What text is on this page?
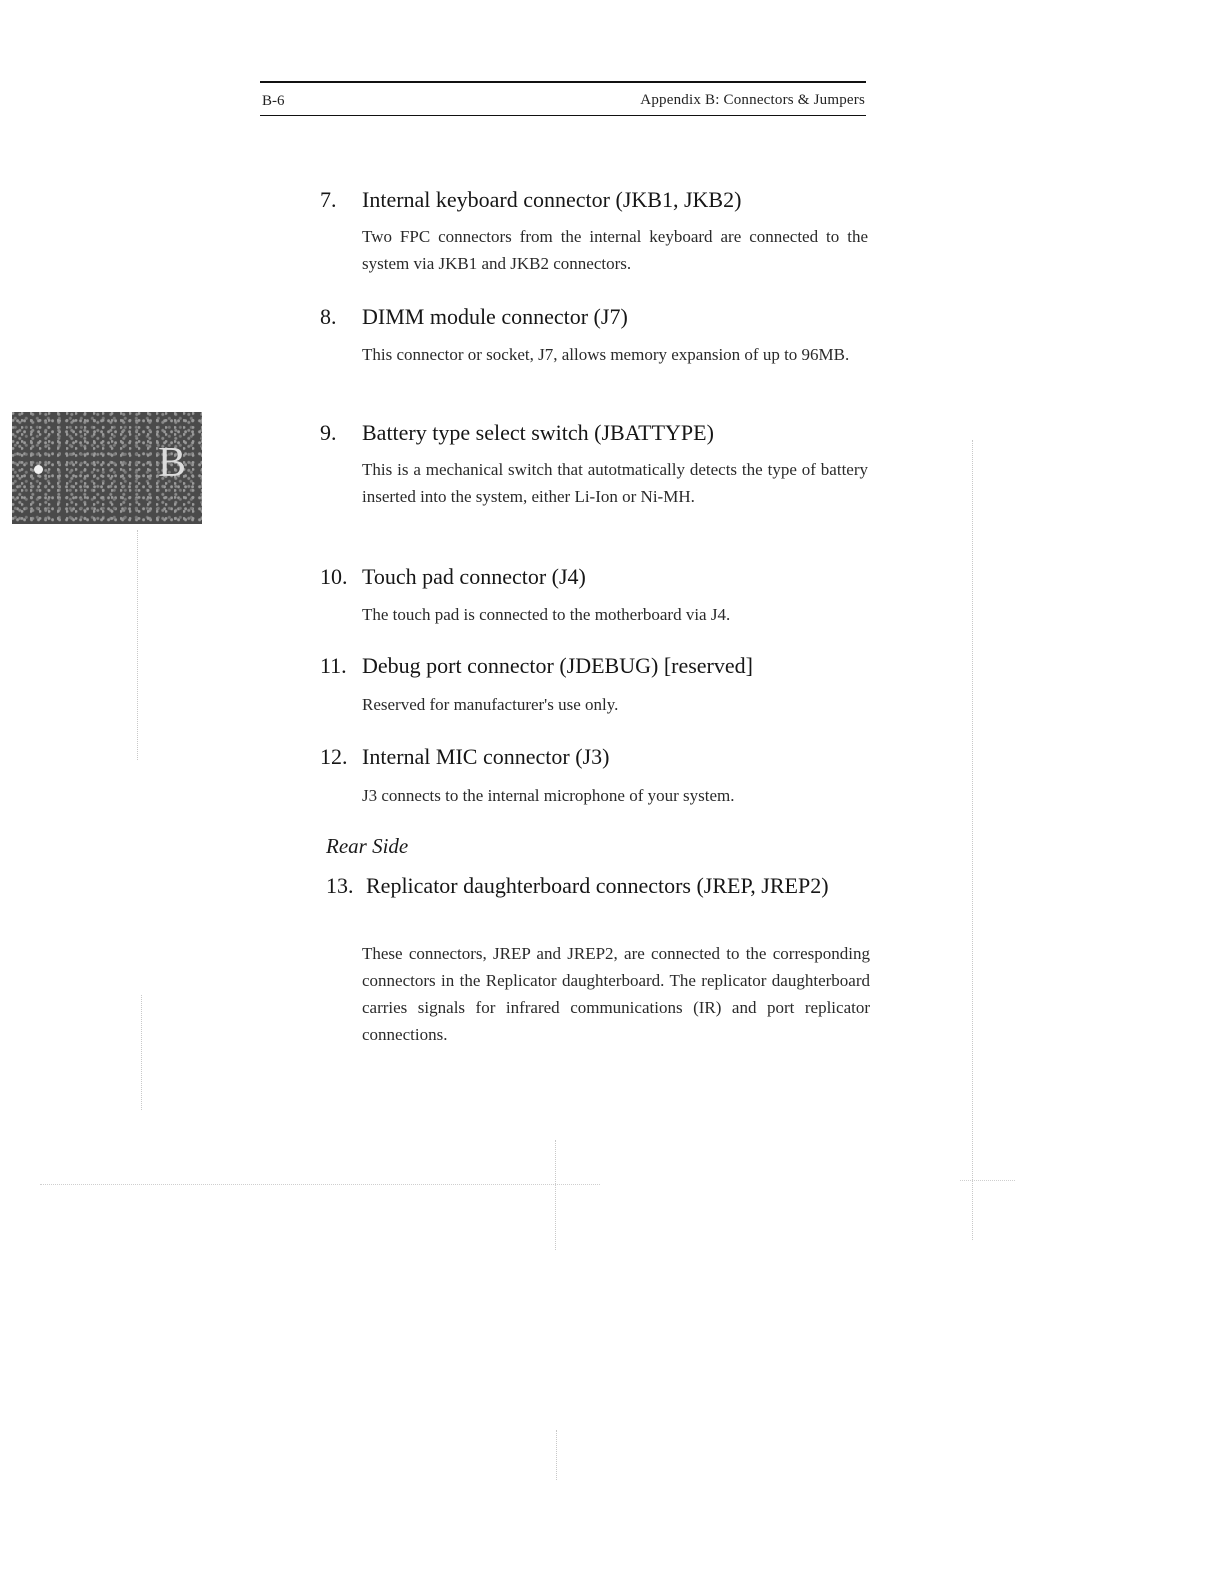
B-6	Appendix B: Connectors & Jumpers
B
7. Internal keyboard connector (JKB1, JKB2)
Two FPC connectors from the internal keyboard are connected to the system via JKB1 and JKB2 connectors.
8. DIMM module connector (J7)
This connector or socket, J7, allows memory expansion of up to 96MB.
9. Battery type select switch (JBATTYPE)
This is a mechanical switch that autotmatically detects the type of battery inserted into the system, either Li-Ion or Ni-MH.
10. Touch pad connector (J4)
The touch pad is connected to the motherboard via J4.
11. Debug port connector (JDEBUG) [reserved]
Reserved for manufacturer's use only.
12. Internal MIC connector (J3)
J3 connects to the internal microphone of your system.
Rear Side
13. Replicator daughterboard connectors (JREP, JREP2)
These connectors, JREP and JREP2, are connected to the corresponding connectors in the Replicator daughterboard. The replicator daughterboard carries signals for infrared communications (IR) and port replicator connections.
